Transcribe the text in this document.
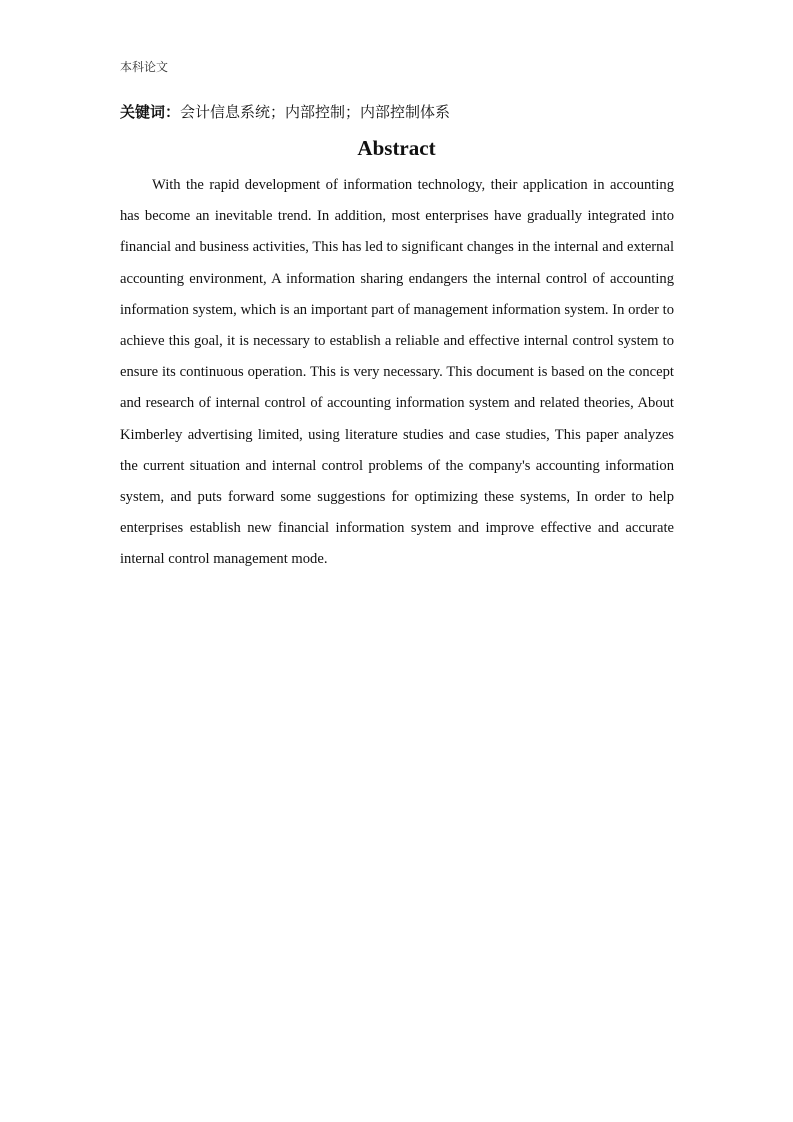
本科论文
关键词：会计信息系统；内部控制；内部控制体系
Abstract

With the rapid development of information technology, their application in accounting has become an inevitable trend. In addition, most enterprises have gradually integrated into financial and business activities, This has led to significant changes in the internal and external accounting environment, A information sharing endangers the internal control of accounting information system, which is an important part of management information system. In order to achieve this goal, it is necessary to establish a reliable and effective internal control system to ensure its continuous operation. This is very necessary. This document is based on the concept and research of internal control of accounting information system and related theories, About Kimberley advertising limited, using literature studies and case studies, This paper analyzes the current situation and internal control problems of the company's accounting information system, and puts forward some suggestions for optimizing these systems, In order to help enterprises establish new financial information system and improve effective and accurate internal control management mode.
